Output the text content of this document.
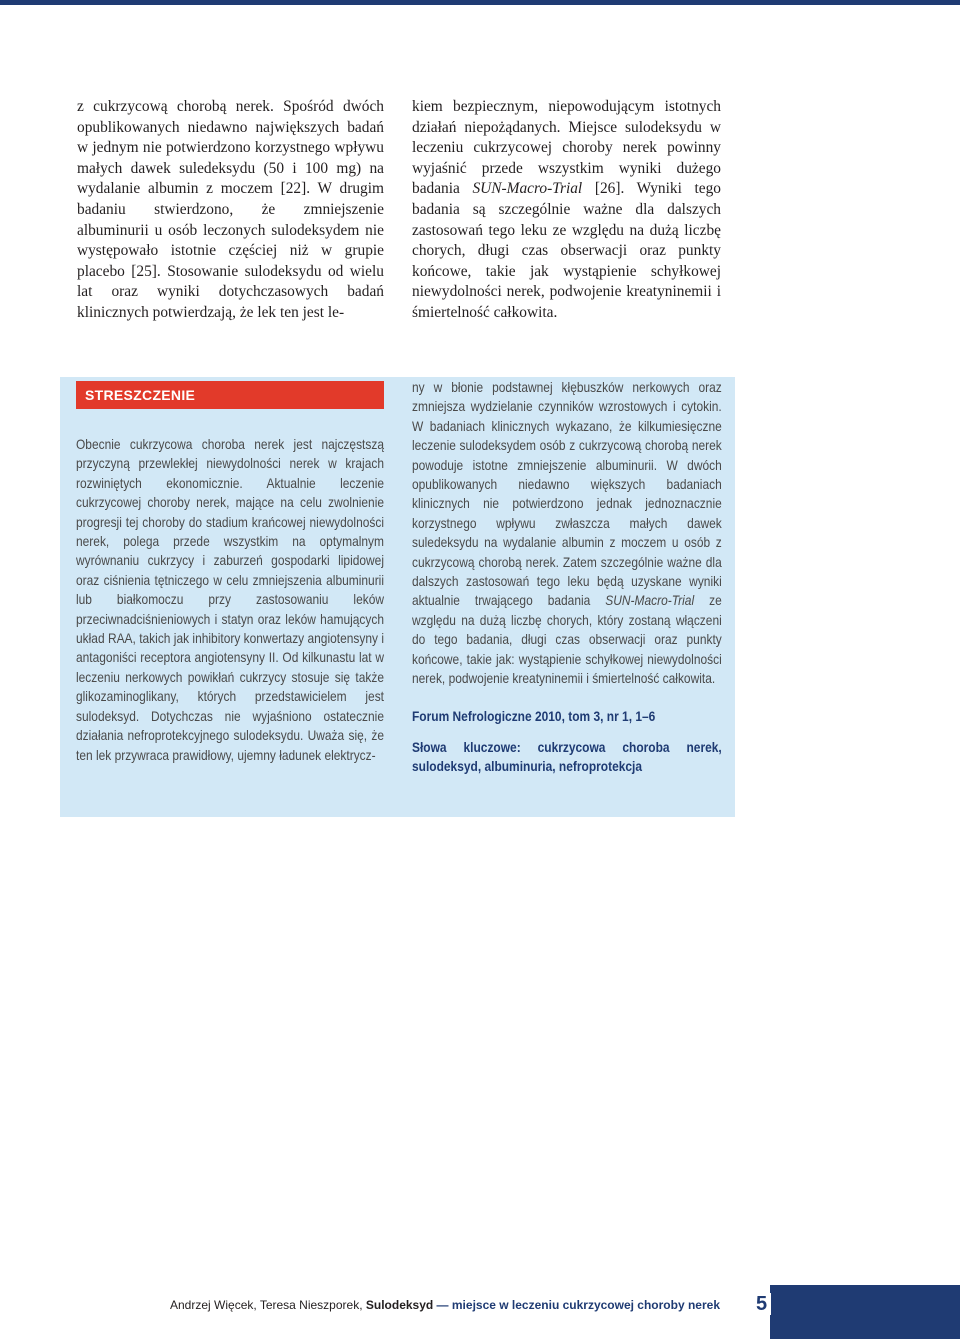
z cukrzycową chorobą nerek. Spośród dwóch opublikowanych niedawno największych badań w jednym nie potwierdzono korzystnego wpływu małych dawek suledeksydu (50 i 100 mg) na wydalanie albumin z moczem [22]. W drugim badaniu stwierdzono, że zmniejszenie albuminurii u osób leczonych sulodeksydem nie występowało istotnie częściej niż w grupie placebo [25]. Stosowanie sulodeksydu od wielu lat oraz wyniki dotychczasowych badań klinicznych potwierdzają, że lek ten jest le-

kiem bezpiecznym, niepowodującym istotnych działań niepożądanych. Miejsce sulodeksydu w leczeniu cukrzycowej choroby nerek powinny wyjaśnić przede wszystkim wyniki dużego badania SUN-Macro-Trial [26]. Wyniki tego badania są szczególnie ważne dla dalszych zastosowań tego leku ze względu na dużą liczbę chorych, długi czas obserwacji oraz punkty końcowe, takie jak wystąpienie schyłkowej niewydolności nerek, podwojenie kreatyninemii i śmiertelność całkowita.

STRESZCZENIE

Obecnie cukrzycowa choroba nerek jest najczęstszą przyczyną przewlekłej niewydolności nerek w krajach rozwiniętych ekonomicznie. Aktualnie leczenie cukrzycowej choroby nerek, mające na celu zwolnienie progresji tej choroby do stadium krańcowej niewydolności nerek, polega przede wszystkim na optymalnym wyrównaniu cukrzycy i zaburzeń gospodarki lipidowej oraz ciśnienia tętniczego w celu zmniejszenia albuminurii lub białkomoczu przy zastosowaniu leków przeciwnadciśnieniowych i statyn oraz leków hamujących układ RAA, takich jak inhibitory konwertazy angiotensyny i antagoniści receptora angiotensyny II. Od kilkunastu lat w leczeniu nerkowych powikłań cukrzycy stosuje się także glikozaminoglikany, których przedstawicielem jest sulodeksyd. Dotychczas nie wyjaśniono ostatecznie działania nefroprotekcyjnego sulodeksydu. Uważa się, że ten lek przywraca prawidłowy, ujemny ładunek elektrycz-

ny w błonie podstawnej kłębuszków nerkowych oraz zmniejsza wydzielanie czynników wzrostowych i cytokin. W badaniach klinicznych wykazano, że kilkumiesięczne leczenie sulodeksydem osób z cukrzycową chorobą nerek powoduje istotne zmniejszenie albuminurii. W dwóch opublikowanych niedawno większych badaniach klinicznych nie potwierdzono jednak jednoznacznie korzystnego wpływu zwłaszcza małych dawek suledeksydu na wydalanie albumin z moczem u osób z cukrzycową chorobą nerek. Zatem szczególnie ważne dla dalszych zastosowań tego leku będą uzyskane wyniki aktualnie trwającego badania SUN-Macro-Trial ze względu na dużą liczbę chorych, który zostaną włączeni do tego badania, długi czas obserwacji oraz punkty końcowe, takie jak: wystąpienie schyłkowej niewydolności nerek, podwojenie kreatyninemii i śmiertelność całkowita.

Forum Nefrologiczne 2010, tom 3, nr 1, 1–6

Słowa kluczowe: cukrzycowa choroba nerek, sulodeksyd, albuminuria, nefroprotekcja

Andrzej Więcek, Teresa Nieszporek, Sulodeksyd — miejsce w leczeniu cukrzycowej choroby nerek 5
